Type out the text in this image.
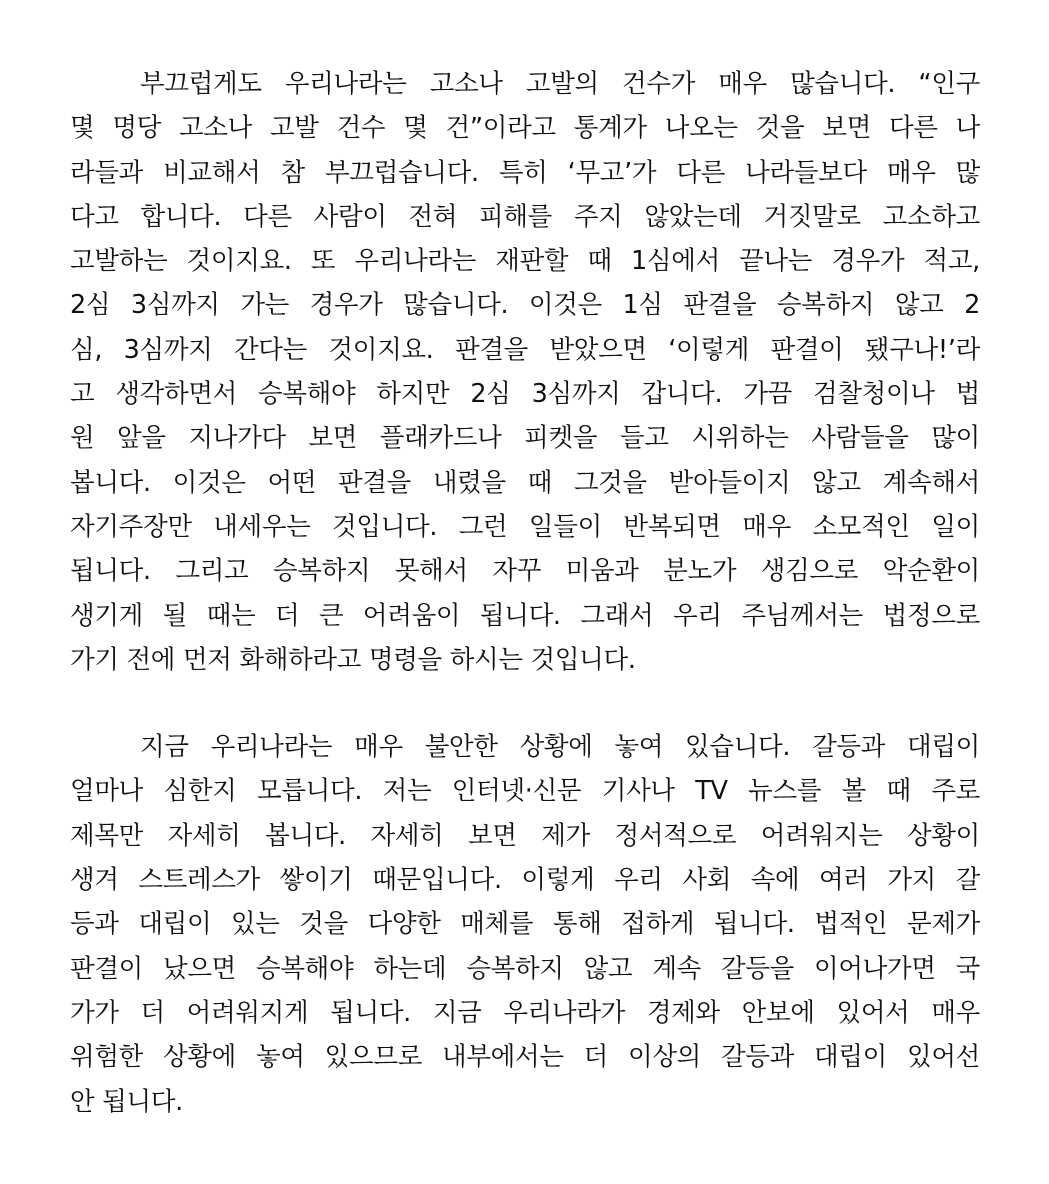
부끄럽게도 우리나라는 고소나 고발의 건수가 매우 많습니다. “인구
몇 명당 고소나 고발 건수 몇 건”이라고 통계가 나오는 것을 보면 다른 나
라들과 비교해서 참 부끄럽습니다. 특히 ‘무고’가 다른 나라들보다 매우 많
다고 합니다. 다른 사람이 전혀 피해를 주지 않았는데 거짓말로 고소하고
고발하는 것이지요. 또 우리나라는 재판할 때 1심에서 끝나는 경우가 적고,
2심 3심까지 가는 경우가 많습니다. 이것은 1심 판결을 승복하지 않고 2
심, 3심까지 간다는 것이지요. 판결을 받았으면 ‘이렇게 판결이 됐구나!’라
고 생각하면서 승복해야 하지만 2심 3심까지 갑니다. 가끔 검찰청이나 법
원 앞을 지나가다 보면 플래카드나 피켓을 들고 시위하는 사람들을 많이
봅니다. 이것은 어떤 판결을 내렸을 때 그것을 받아들이지 않고 계속해서
자기주장만 내세우는 것입니다. 그런 일들이 반복되면 매우 소모적인 일이
됩니다. 그리고 승복하지 못해서 자꾸 미움과 분노가 생김으로 악순환이
생기게 될 때는 더 큰 어려움이 됩니다. 그래서 우리 주님께서는 법정으로
가기 전에 먼저 화해하라고 명령을 하시는 것입니다.

지금 우리나라는 매우 불안한 상황에 놓여 있습니다. 갈등과 대립이
얼마나 심한지 모릅니다. 저는 인터넷·신문 기사나 TV 뉴스를 볼 때 주로
제목만 자세히 봅니다. 자세히 보면 제가 정서적으로 어려워지는 상황이
생겨 스트레스가 쌓이기 때문입니다. 이렇게 우리 사회 속에 여러 가지 갈
등과 대립이 있는 것을 다양한 매체를 통해 접하게 됩니다. 법적인 문제가
판결이 났으면 승복해야 하는데 승복하지 않고 계속 갈등을 이어나가면 국
가가 더 어려워지게 됩니다. 지금 우리나라가 경제와 안보에 있어서 매우
위험한 상황에 놓여 있으므로 내부에서는 더 이상의 갈등과 대립이 있어선
안 됩니다.
